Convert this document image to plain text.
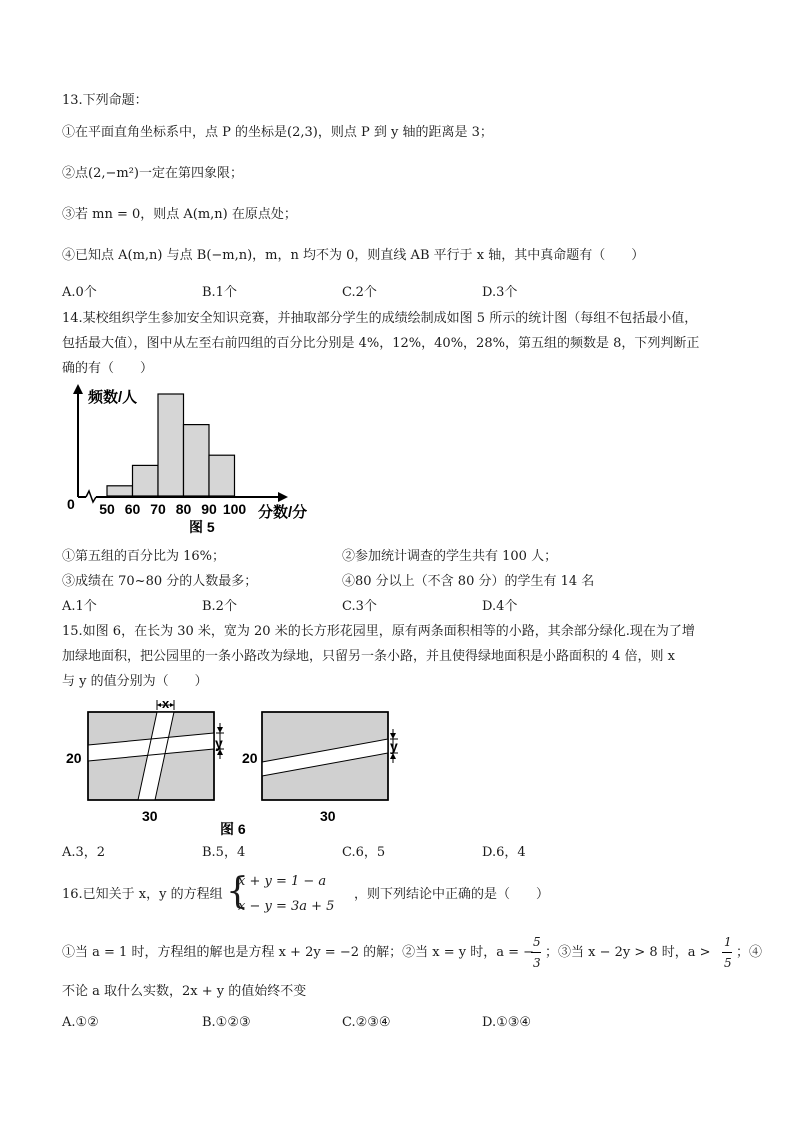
13.下列命题：
①在平面直角坐标系中，点 P 的坐标是(2,3)，则点 P 到 y 轴的距离是 3；
②点(2,−m²)一定在第四象限；
③若 mn = 0，则点 A(m,n) 在原点处；
④已知点 A(m,n) 与点 B(−m,n)，m，n 均不为 0，则直线 AB 平行于 x 轴，其中真命题有（　　）
A.0个	B.1个	C.2个	D.3个
14.某校组织学生参加安全知识竞赛，并抽取部分学生的成绩绘制成如图 5 所示的统计图（每组不包括最小值，
包括最大值），图中从左至右前四组的百分比分别是 4%，12%，40%，28%，第五组的频数是 8，下列判断正
确的有（　　）
50 60 70 80 90 100
频数/人
0	分数/分
图 5
①第五组的百分比为 16%；	②参加统计调查的学生共有 100 人；
③成绩在 70~80 分的人数最多；	④80 分以上（不含 80 分）的学生有 14 名
A.1个	B.2个	C.3个	D.4个
15.如图 6，在长为 30 米，宽为 20 米的长方形花园里，原有两条面积相等的小路，其余部分绿化.现在为了增
加绿地面积，把公园里的一条小路改为绿地，只留另一条小路，并且使得绿地面积是小路面积的 4 倍，则 x
与 y 的值分别为（　　）
x
y
20
30
y
20
30
图 6
A.3，2	B.5，4	C.6，5	D.6，4
16.已知关于 x，y 的方程组 {
x + y = 1 − a
x − y = 3a + 5
，则下列结论中正确的是（　　）
①当 a = 1 时，方程组的解也是方程 x + 2y = −2 的解；②当 x = y 时，a = −
5
3
；③当 x − 2y > 8 时，a >
1
5
；④
不论 a 取什么实数，2x + y 的值始终不变
A.①②	B.①②③	C.②③④	D.①③④
